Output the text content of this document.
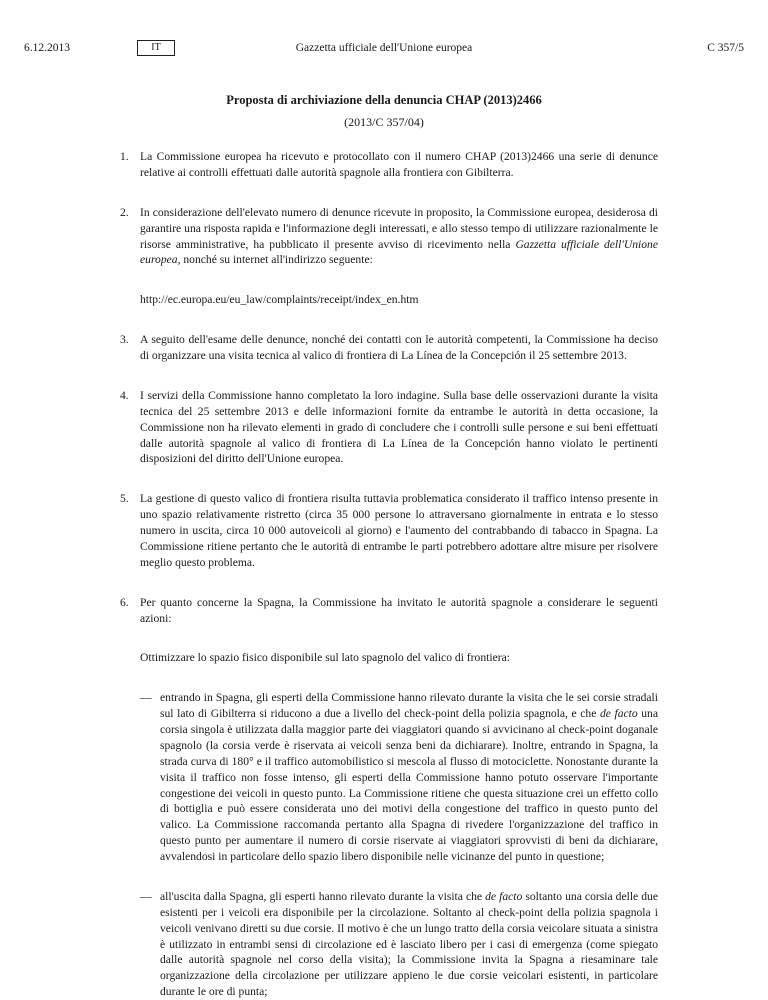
6.12.2013	IT	Gazzetta ufficiale dell'Unione europea	C 357/5
Proposta di archiviazione della denuncia CHAP (2013)2466
(2013/C 357/04)
1. La Commissione europea ha ricevuto e protocollato con il numero CHAP (2013)2466 una serie di denunce relative ai controlli effettuati dalle autorità spagnole alla frontiera con Gibilterra.
2. In considerazione dell'elevato numero di denunce ricevute in proposito, la Commissione europea, desiderosa di garantire una risposta rapida e l'informazione degli interessati, e allo stesso tempo di utilizzare razionalmente le risorse amministrative, ha pubblicato il presente avviso di ricevimento nella Gazzetta ufficiale dell'Unione europea, nonché su internet all'indirizzo seguente:
http://ec.europa.eu/eu_law/complaints/receipt/index_en.htm
3. A seguito dell'esame delle denunce, nonché dei contatti con le autorità competenti, la Commissione ha deciso di organizzare una visita tecnica al valico di frontiera di La Línea de la Concepción il 25 settembre 2013.
4. I servizi della Commissione hanno completato la loro indagine. Sulla base delle osservazioni durante la visita tecnica del 25 settembre 2013 e delle informazioni fornite da entrambe le autorità in detta occasione, la Commissione non ha rilevato elementi in grado di concludere che i controlli sulle persone e sui beni effettuati dalle autorità spagnole al valico di frontiera di La Línea de la Concepción hanno violato le pertinenti disposizioni del diritto dell'Unione europea.
5. La gestione di questo valico di frontiera risulta tuttavia problematica considerato il traffico intenso presente in uno spazio relativamente ristretto (circa 35 000 persone lo attraversano giornalmente in entrata e lo stesso numero in uscita, circa 10 000 autoveicoli al giorno) e l'aumento del contrabbando di tabacco in Spagna. La Commissione ritiene pertanto che le autorità di entrambe le parti potrebbero adottare altre misure per risolvere meglio questo problema.
6. Per quanto concerne la Spagna, la Commissione ha invitato le autorità spagnole a considerare le seguenti azioni:
Ottimizzare lo spazio fisico disponibile sul lato spagnolo del valico di frontiera:
— entrando in Spagna, gli esperti della Commissione hanno rilevato durante la visita che le sei corsie stradali sul lato di Gibilterra si riducono a due a livello del check-point della polizia spagnola, e che de facto una corsia singola è utilizzata dalla maggior parte dei viaggiatori quando si avvicinano al check-point doganale spagnolo (la corsia verde è riservata ai veicoli senza beni da dichiarare). Inoltre, entrando in Spagna, la strada curva di 180° e il traffico automobilistico si mescola al flusso di motociclette. Nonostante durante la visita il traffico non fosse intenso, gli esperti della Commissione hanno potuto osservare l'importante congestione dei veicoli in questo punto. La Commissione ritiene che questa situazione crei un effetto collo di bottiglia e può essere considerata uno dei motivi della congestione del traffico in questo punto del valico. La Commissione raccomanda pertanto alla Spagna di rivedere l'organizzazione del traffico in questo punto per aumentare il numero di corsie riservate ai viaggiatori sprovvisti di beni da dichiarare, avvalendosi in particolare dello spazio libero disponibile nelle vicinanze del punto in questione;
— all'uscita dalla Spagna, gli esperti hanno rilevato durante la visita che de facto soltanto una corsia delle due esistenti per i veicoli era disponibile per la circolazione. Soltanto al check-point della polizia spagnola i veicoli venivano diretti su due corsie. Il motivo è che un lungo tratto della corsia veicolare situata a sinistra è utilizzato in entrambi sensi di circolazione ed è lasciato libero per i casi di emergenza (come spiegato dalle autorità spagnole nel corso della visita); la Commissione invita la Spagna a riesaminare tale organizzazione della circolazione per utilizzare appieno le due corsie veicolari esistenti, in particolare durante le ore di punta;
